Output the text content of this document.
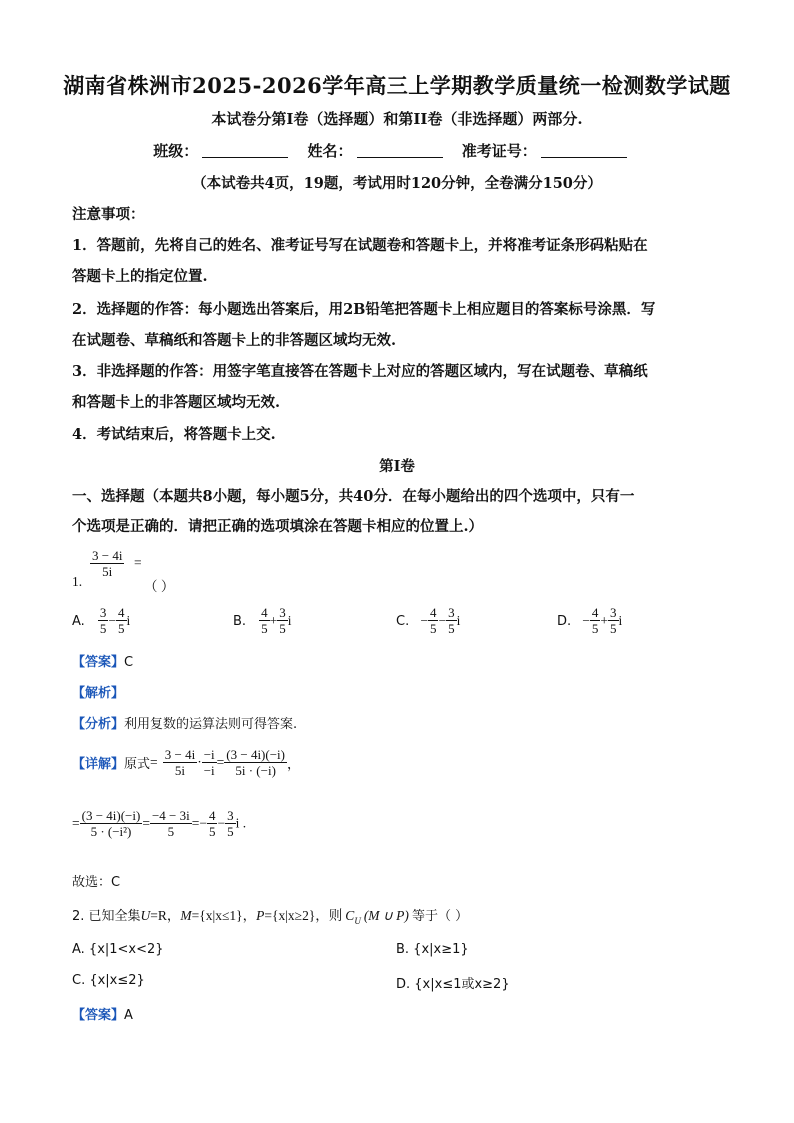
湖南省株洲市2025-2026学年高三上学期教学质量统一检测数学试题
本试卷分第I卷（选择题）和第II卷（非选择题）两部分.
班级：	姓名：	准考证号：
（本试卷共4页，19题，考试用时120分钟，全卷满分150分）
注意事项：
1．答题前，先将自己的姓名、准考证号写在试题卷和答题卡上，并将准考证条形码粘贴在
答题卡上的指定位置.
2．选择题的作答：每小题选出答案后，用2B铅笔把答题卡上相应题目的答案标号涂黑．写
在试题卷、草稿纸和答题卡上的非答题区域均无效.
3．非选择题的作答：用签字笔直接答在答题卡上对应的答题区域内，写在试题卷、草稿纸
和答题卡上的非答题区域均无效.
4．考试结束后，将答题卡上交.
第I卷
一、选择题（本题共8小题，每小题5分，共40分．在每小题给出的四个选项中，只有一
个选项是正确的．请把正确的选项填涂在答题卡相应的位置上.）
1.
$\frac{3 - 4i}{5i}$ =
（ ）
A. $\frac{3}{5} - \frac{4}{5}$ i	B. $\frac{4}{5} + \frac{3}{5}$ i	C. − $\frac{4}{5} - \frac{3}{5}$ i	D. − $\frac{4}{5} + \frac{3}{5}$ i
【答案】C
【解析】
【分析】利用复数的运算法则可得答案.
【详解】原式= $\frac{3 - 4i}{5i} \cdot \frac{-i}{-i} = \frac{(3 - 4i)(-i)}{5i \cdot (-i)}$ ，
= $\frac{(3 - 4i)(-i)}{\text{5 · (−i²)}} = \frac{-4 - 3i}{5} =- \frac{4}{5} - \frac{3}{5}$ i .
故选：C
2. 已知全集U=R，M={x|x≤1}，P={x|x≥2}，则 $C_U$ (M ∪ P) 等于（ ）
A. {x|1<x<2}	B. {x|x≥1}
C. {x|x≤2}	D. {x|x≤1或x≥2}
【答案】A
